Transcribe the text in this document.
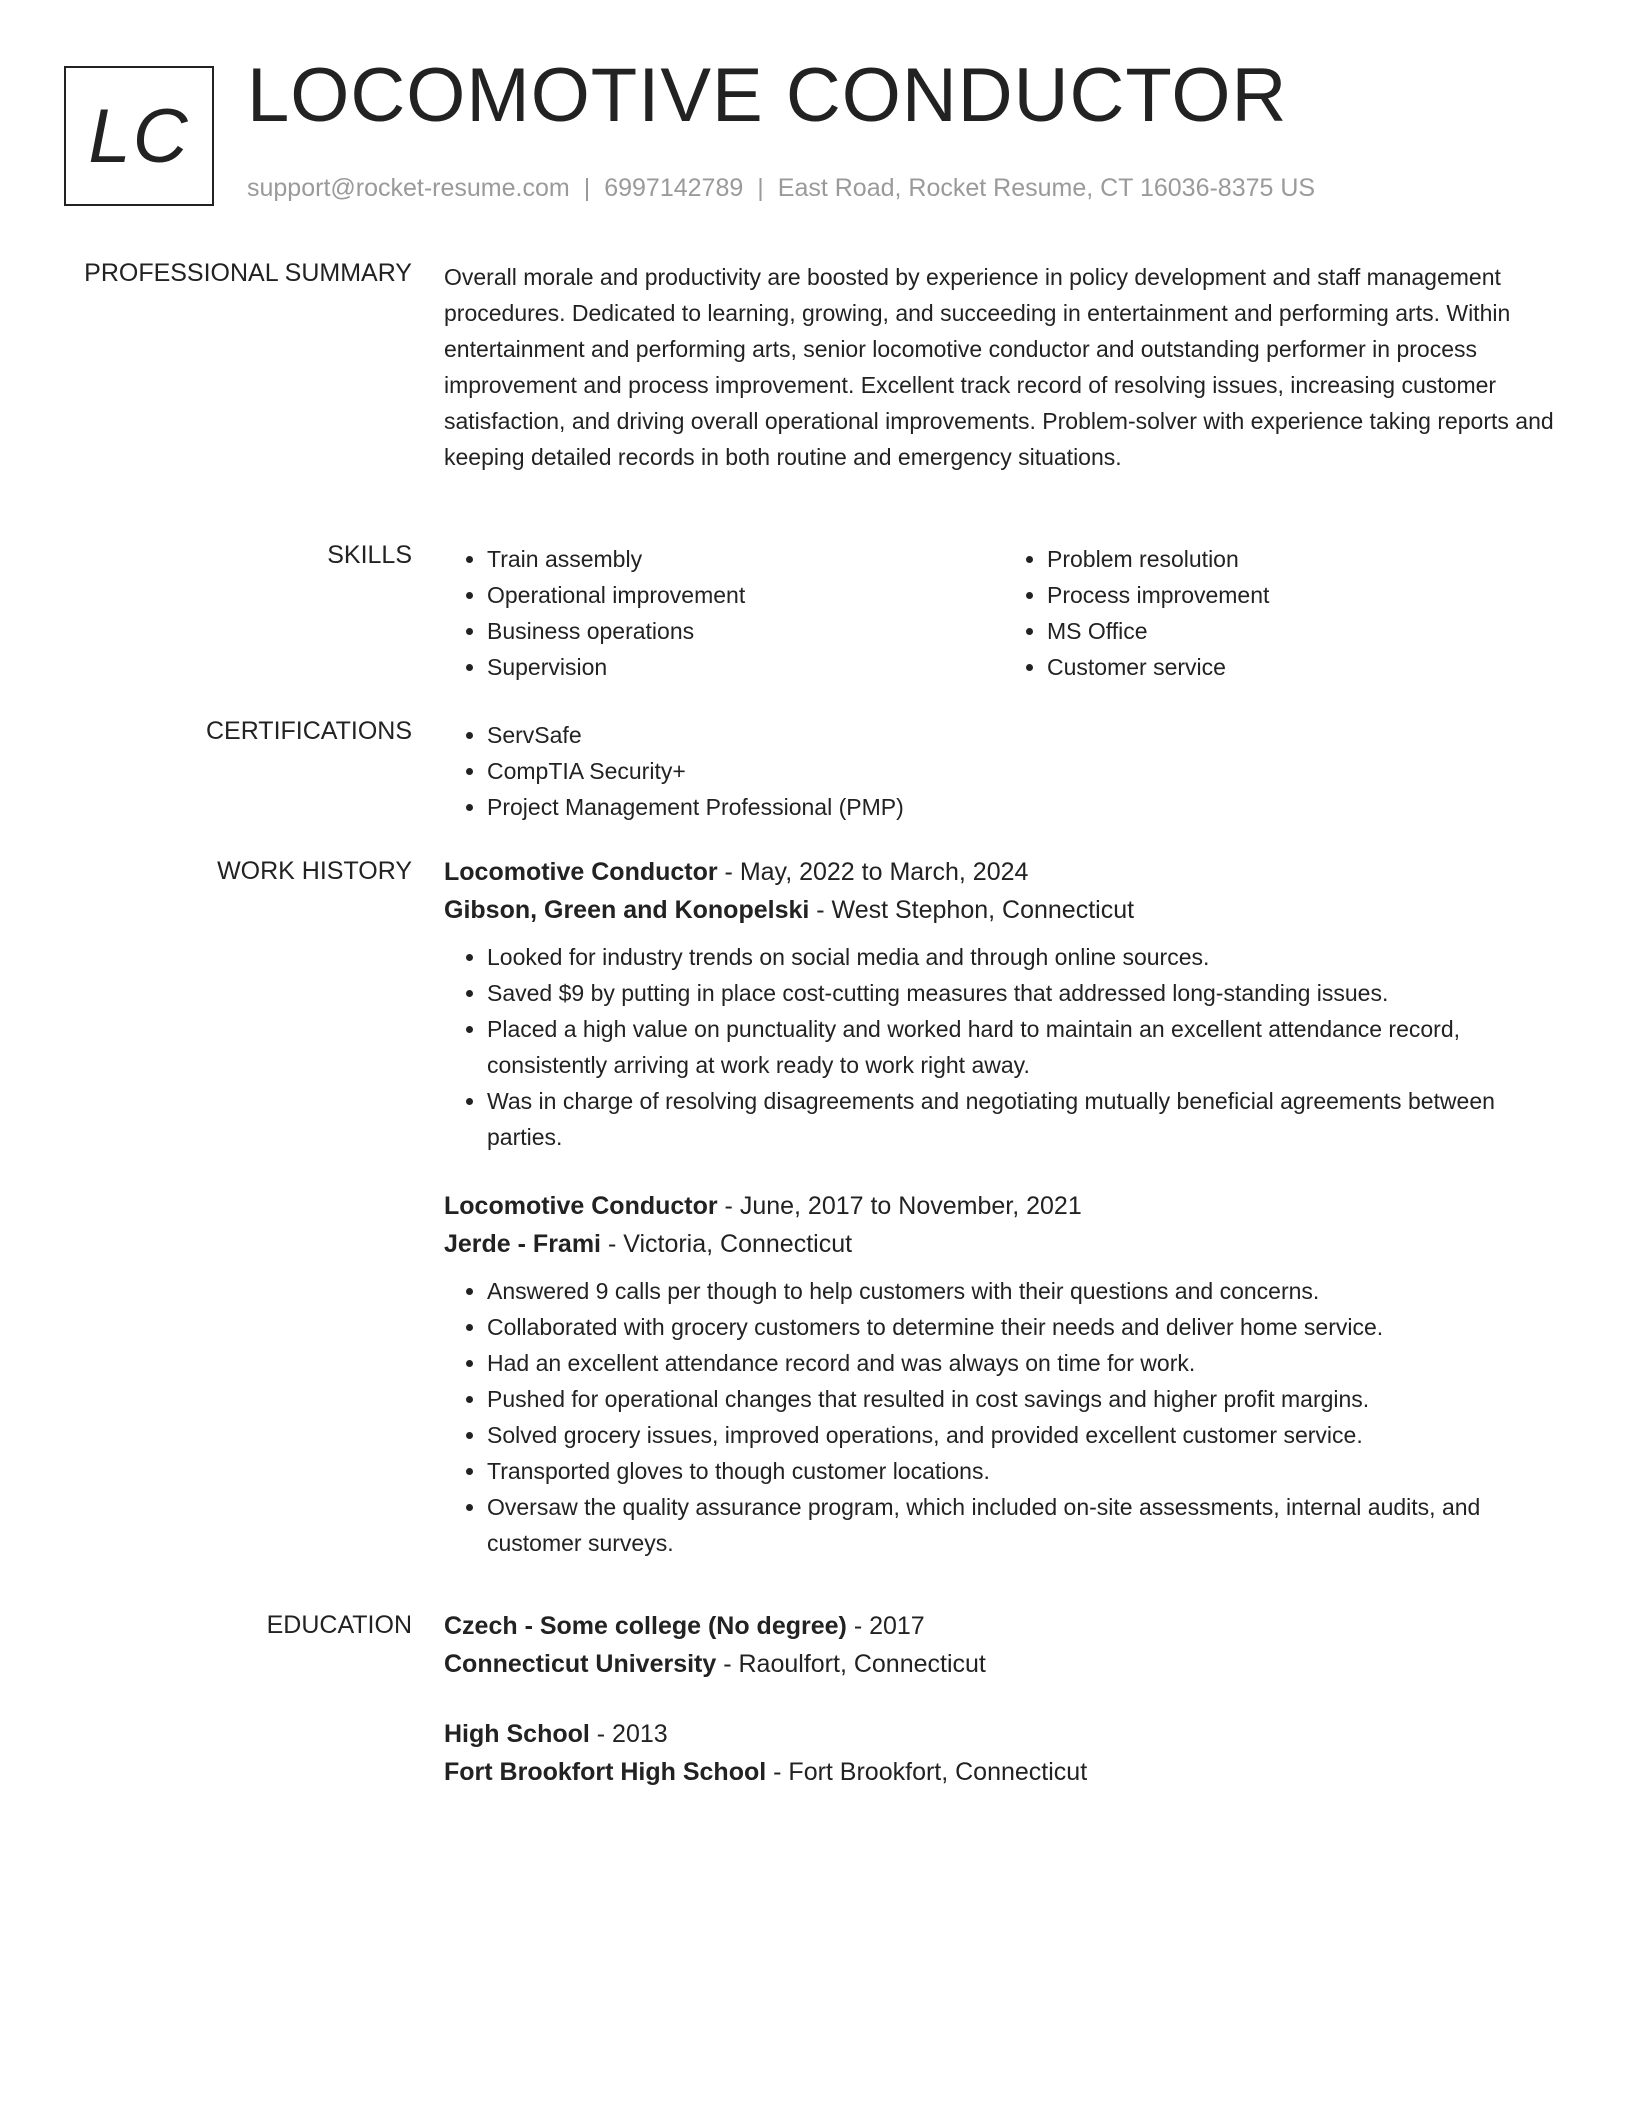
LC LOCOMOTIVE CONDUCTOR
support@rocket-resume.com | 6997142789 | East Road, Rocket Resume, CT 16036-8375 US
PROFESSIONAL SUMMARY Overall morale and productivity are boosted by experience in policy development and staff management procedures. Dedicated to learning, growing, and succeeding in entertainment and performing arts. Within entertainment and performing arts, senior locomotive conductor and outstanding performer in process improvement and process improvement. Excellent track record of resolving issues, increasing customer satisfaction, and driving overall operational improvements. Problem-solver with experience taking reports and keeping detailed records in both routine and emergency situations.

SKILLS	• Train assembly
• Operational improvement
• Business operations
• Supervision
• Problem resolution
• Process improvement
• MS Office
• Customer service
CERTIFICATIONS	• ServSafe
• CompTIA Security+
• Project Management Professional (PMP)
WORK HISTORY Locomotive Conductor - May, 2022 to March, 2024
Gibson, Green and Konopelski - West Stephon, Connecticut
• Looked for industry trends on social media and through online sources.
• Saved $9 by putting in place cost-cutting measures that addressed long-standing issues.
• Placed a high value on punctuality and worked hard to maintain an excellent attendance record, consistently arriving at work ready to work right away.
• Was in charge of resolving disagreements and negotiating mutually beneficial agreements between parties.
Locomotive Conductor - June, 2017 to November, 2021
Jerde - Frami - Victoria, Connecticut
• Answered 9 calls per though to help customers with their questions and concerns.
• Collaborated with grocery customers to determine their needs and deliver home service.
• Had an excellent attendance record and was always on time for work.
• Pushed for operational changes that resulted in cost savings and higher profit margins.
• Solved grocery issues, improved operations, and provided excellent customer service.
• Transported gloves to though customer locations.
• Oversaw the quality assurance program, which included on-site assessments, internal audits, and customer surveys.
EDUCATION Czech - Some college (No degree) - 2017
Connecticut University - Raoulfort, Connecticut
High School - 2013
Fort Brookfort High School - Fort Brookfort, Connecticut
